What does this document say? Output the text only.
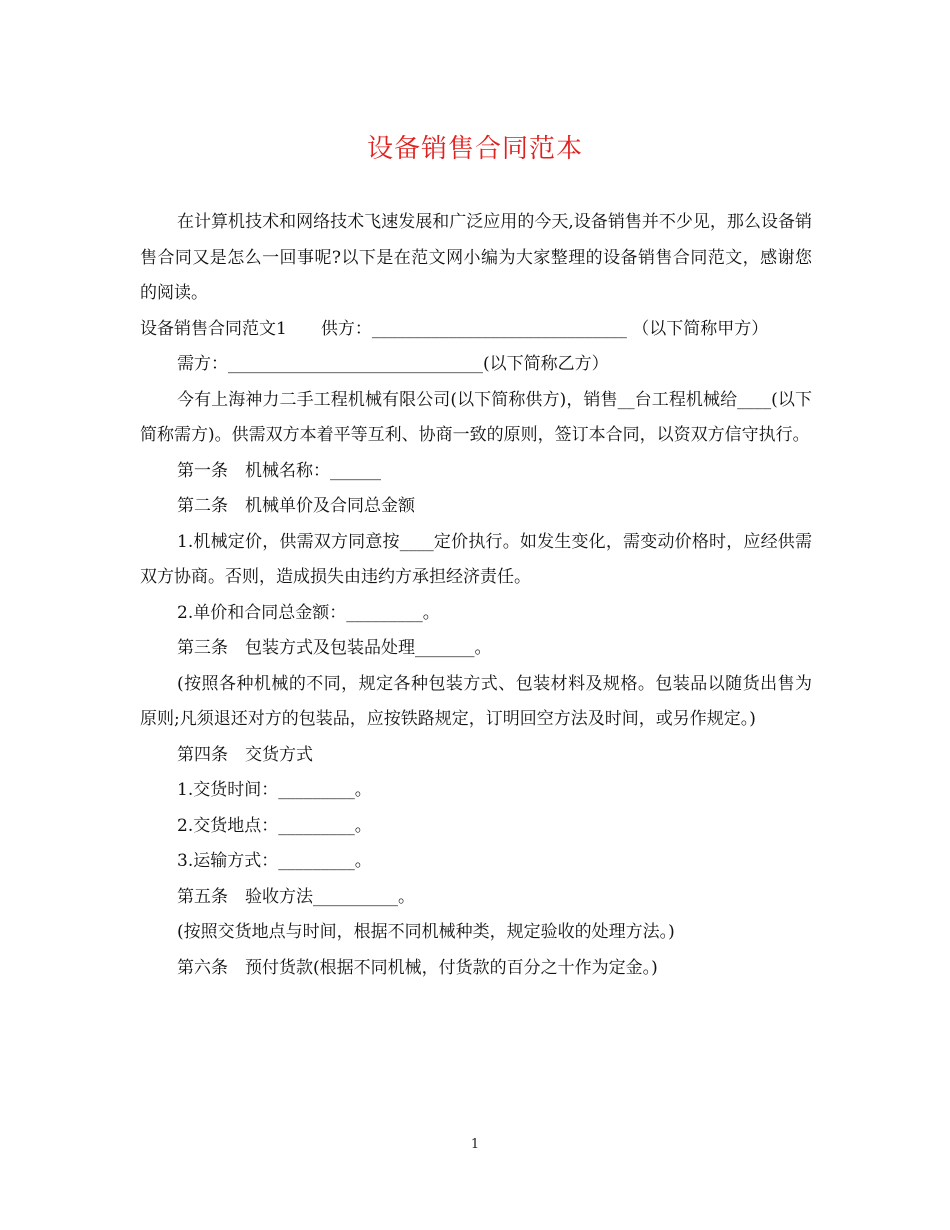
设备销售合同范本

在计算机技术和网络技术飞速发展和广泛应用的今天,设备销售并不少见，那么设备销售合同又是怎么一回事呢?以下是在范文网小编为大家整理的设备销售合同范文，感谢您的阅读。

设备销售合同范文1　　供方：______________________________ （以下简称甲方）

需方：______________________________(以下简称乙方）

今有上海神力二手工程机械有限公司(以下简称供方)，销售__台工程机械给____(以下简称需方)。供需双方本着平等互利、协商一致的原则，签订本合同，以资双方信守执行。

第一条　机械名称：______

第二条　机械单价及合同总金额

1.机械定价，供需双方同意按____定价执行。如发生变化，需变动价格时，应经供需双方协商。否则，造成损失由违约方承担经济责任。

2.单价和合同总金额：_________。

第三条　包装方式及包装品处理_______。

(按照各种机械的不同，规定各种包装方式、包装材料及规格。包装品以随货出售为原则;凡须退还对方的包装品，应按铁路规定，订明回空方法及时间，或另作规定。)

第四条　交货方式

1.交货时间：_________。

2.交货地点：_________。

3.运输方式：_________。

第五条　验收方法__________。

(按照交货地点与时间，根据不同机械种类，规定验收的处理方法。)

第六条　预付货款(根据不同机械，付货款的百分之十作为定金。)

1
